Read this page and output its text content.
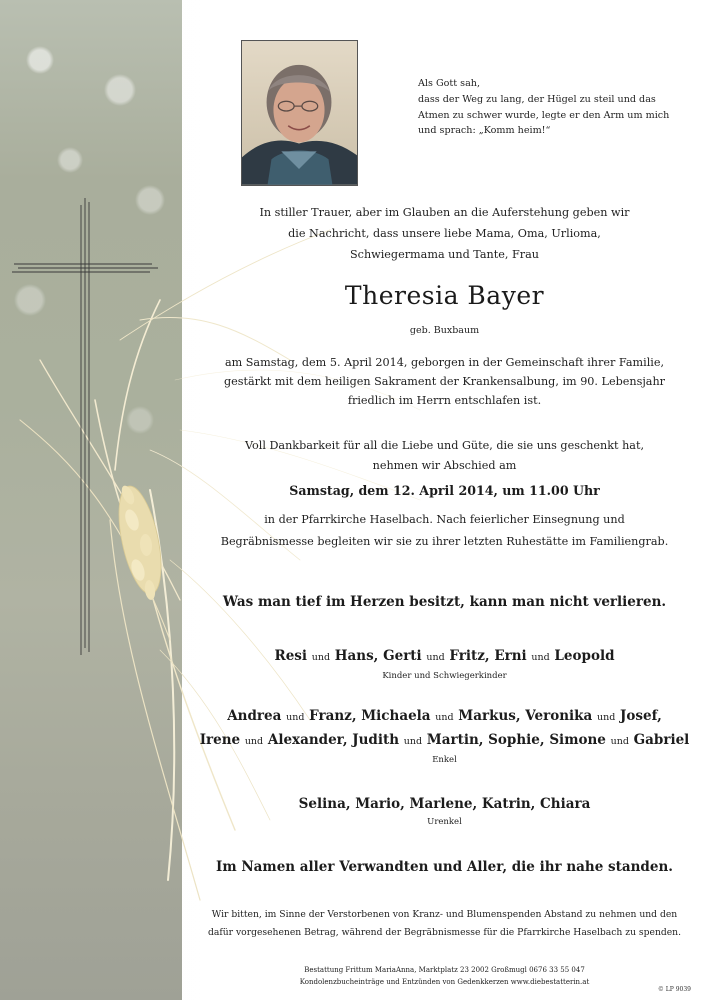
Als Gott sah,
dass der Weg zu lang, der Hügel zu steil und das
Atmen zu schwer wurde, legte er den Arm um mich
und sprach: „Komm heim!“
In stiller Trauer, aber im Glauben an die Auferstehung geben wir
die Nachricht, dass unsere liebe Mama, Oma, Urlioma,
Schwiegermama und Tante, Frau
Theresia Bayer
geb. Buxbaum
am Samstag, dem 5. April 2014, geborgen in der Gemeinschaft ihrer Familie,
gestärkt mit dem heiligen Sakrament der Krankensalbung, im 90. Lebensjahr
friedlich im Herrn entschlafen ist.
Voll Dankbarkeit für all die Liebe und Güte, die sie uns geschenkt hat,
nehmen wir Abschied am
Samstag, dem 12. April 2014, um 11.00 Uhr
in der Pfarrkirche Haselbach. Nach feierlicher Einsegnung und
Begräbnismesse begleiten wir sie zu ihrer letzten Ruhestätte im Familiengrab.
Was man tief im Herzen besitzt, kann man nicht verlieren.
Resi und Hans, Gerti und Fritz, Erni und Leopold
Kinder und Schwiegerkinder
Andrea und Franz, Michaela und Markus, Veronika und Josef,
Irene und Alexander, Judith und Martin, Sophie, Simone und Gabriel
Enkel
Selina, Mario, Marlene, Katrin, Chiara
Urenkel
Im Namen aller Verwandten und Aller, die ihr nahe standen.
Wir bitten, im Sinne der Verstorbenen von Kranz- und Blumenspenden Abstand zu nehmen und den
dafür vorgesehenen Betrag, während der Begräbnismesse für die Pfarrkirche Haselbach zu spenden.
Bestattung Frittum MariaAnna, Marktplatz 23 2002 Großmugl 0676 33 55 047
Kondolenzbucheinträge und Entzünden von Gedenkkerzen www.diebestatterin.at
© LP 9039
